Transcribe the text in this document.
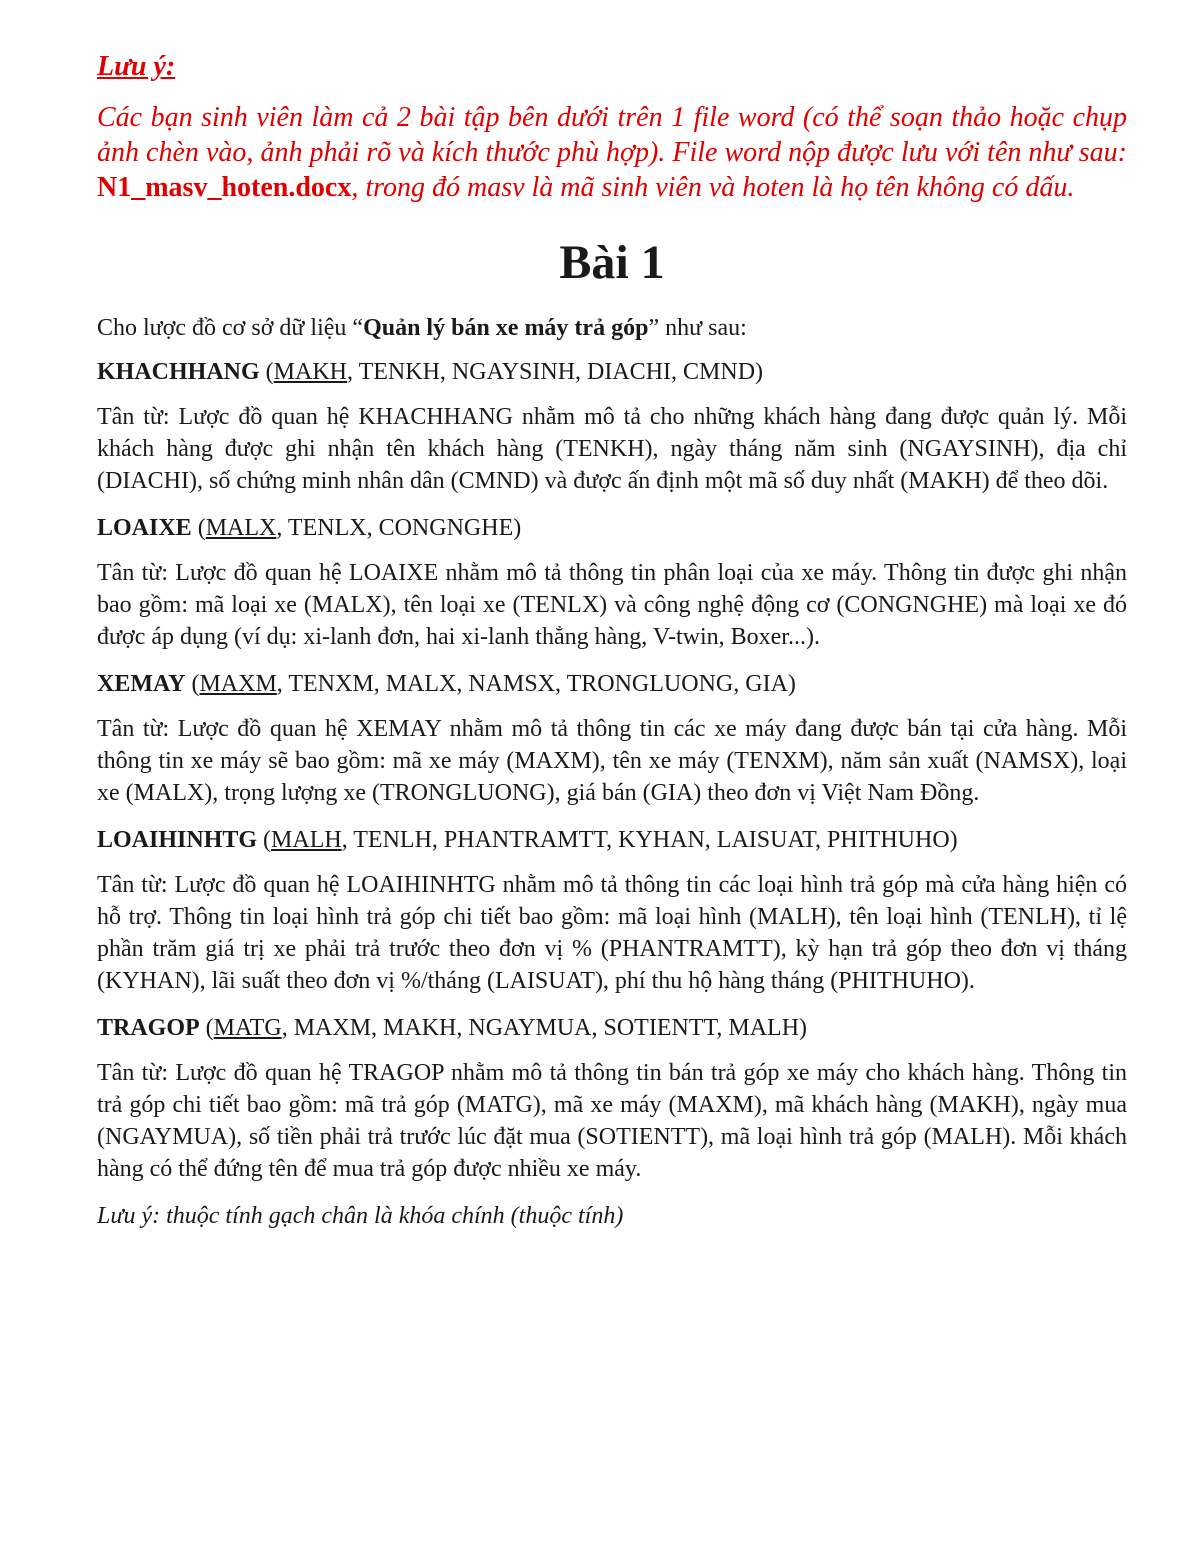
Lưu ý:

Các bạn sinh viên làm cả 2 bài tập bên dưới trên 1 file word (có thể soạn thảo hoặc chụp ảnh chèn vào, ảnh phải rõ và kích thước phù hợp). File word nộp được lưu với tên như sau: N1_masv_hoten.docx, trong đó masv là mã sinh viên và hoten là họ tên không có dấu.

Bài 1

Cho lược đồ cơ sở dữ liệu “Quản lý bán xe máy trả góp” như sau:

KHACHHANG (MAKH, TENKH, NGAYSINH, DIACHI, CMND)

Tân từ: Lược đồ quan hệ KHACHHANG nhằm mô tả cho những khách hàng đang được quản lý. Mỗi khách hàng được ghi nhận tên khách hàng (TENKH), ngày tháng năm sinh (NGAYSINH), địa chỉ (DIACHI), số chứng minh nhân dân (CMND) và được ấn định một mã số duy nhất (MAKH) để theo dõi.

LOAIXE (MALX, TENLX, CONGNGHE)

Tân từ: Lược đồ quan hệ LOAIXE nhằm mô tả thông tin phân loại của xe máy. Thông tin được ghi nhận bao gồm: mã loại xe (MALX), tên loại xe (TENLX) và công nghệ động cơ (CONGNGHE) mà loại xe đó được áp dụng (ví dụ: xi-lanh đơn, hai xi-lanh thẳng hàng, V-twin, Boxer...).

XEMAY (MAXM, TENXM, MALX, NAMSX, TRONGLUONG, GIA)

Tân từ: Lược đồ quan hệ XEMAY nhằm mô tả thông tin các xe máy đang được bán tại cửa hàng. Mỗi thông tin xe máy sẽ bao gồm: mã xe máy (MAXM), tên xe máy (TENXM), năm sản xuất (NAMSX), loại xe (MALX), trọng lượng xe (TRONGLUONG), giá bán (GIA) theo đơn vị Việt Nam Đồng.

LOAIHINHTG (MALH, TENLH, PHANTRAMTT, KYHAN, LAISUAT, PHITHUHO)

Tân từ: Lược đồ quan hệ LOAIHINHTG nhằm mô tả thông tin các loại hình trả góp mà cửa hàng hiện có hỗ trợ. Thông tin loại hình trả góp chi tiết bao gồm: mã loại hình (MALH), tên loại hình (TENLH), tỉ lệ phần trăm giá trị xe phải trả trước theo đơn vị % (PHANTRAMTT), kỳ hạn trả góp theo đơn vị tháng (KYHAN), lãi suất theo đơn vị %/tháng (LAISUAT), phí thu hộ hàng tháng (PHITHUHO).

TRAGOP (MATG, MAXM, MAKH, NGAYMUA, SOTIENTT, MALH)

Tân từ: Lược đồ quan hệ TRAGOP nhằm mô tả thông tin bán trả góp xe máy cho khách hàng. Thông tin trả góp chi tiết bao gồm: mã trả góp (MATG), mã xe máy (MAXM), mã khách hàng (MAKH), ngày mua (NGAYMUA), số tiền phải trả trước lúc đặt mua (SOTIENTT), mã loại hình trả góp (MALH). Mỗi khách hàng có thể đứng tên để mua trả góp được nhiều xe máy.

Lưu ý: thuộc tính gạch chân là khóa chính (thuộc tính)
